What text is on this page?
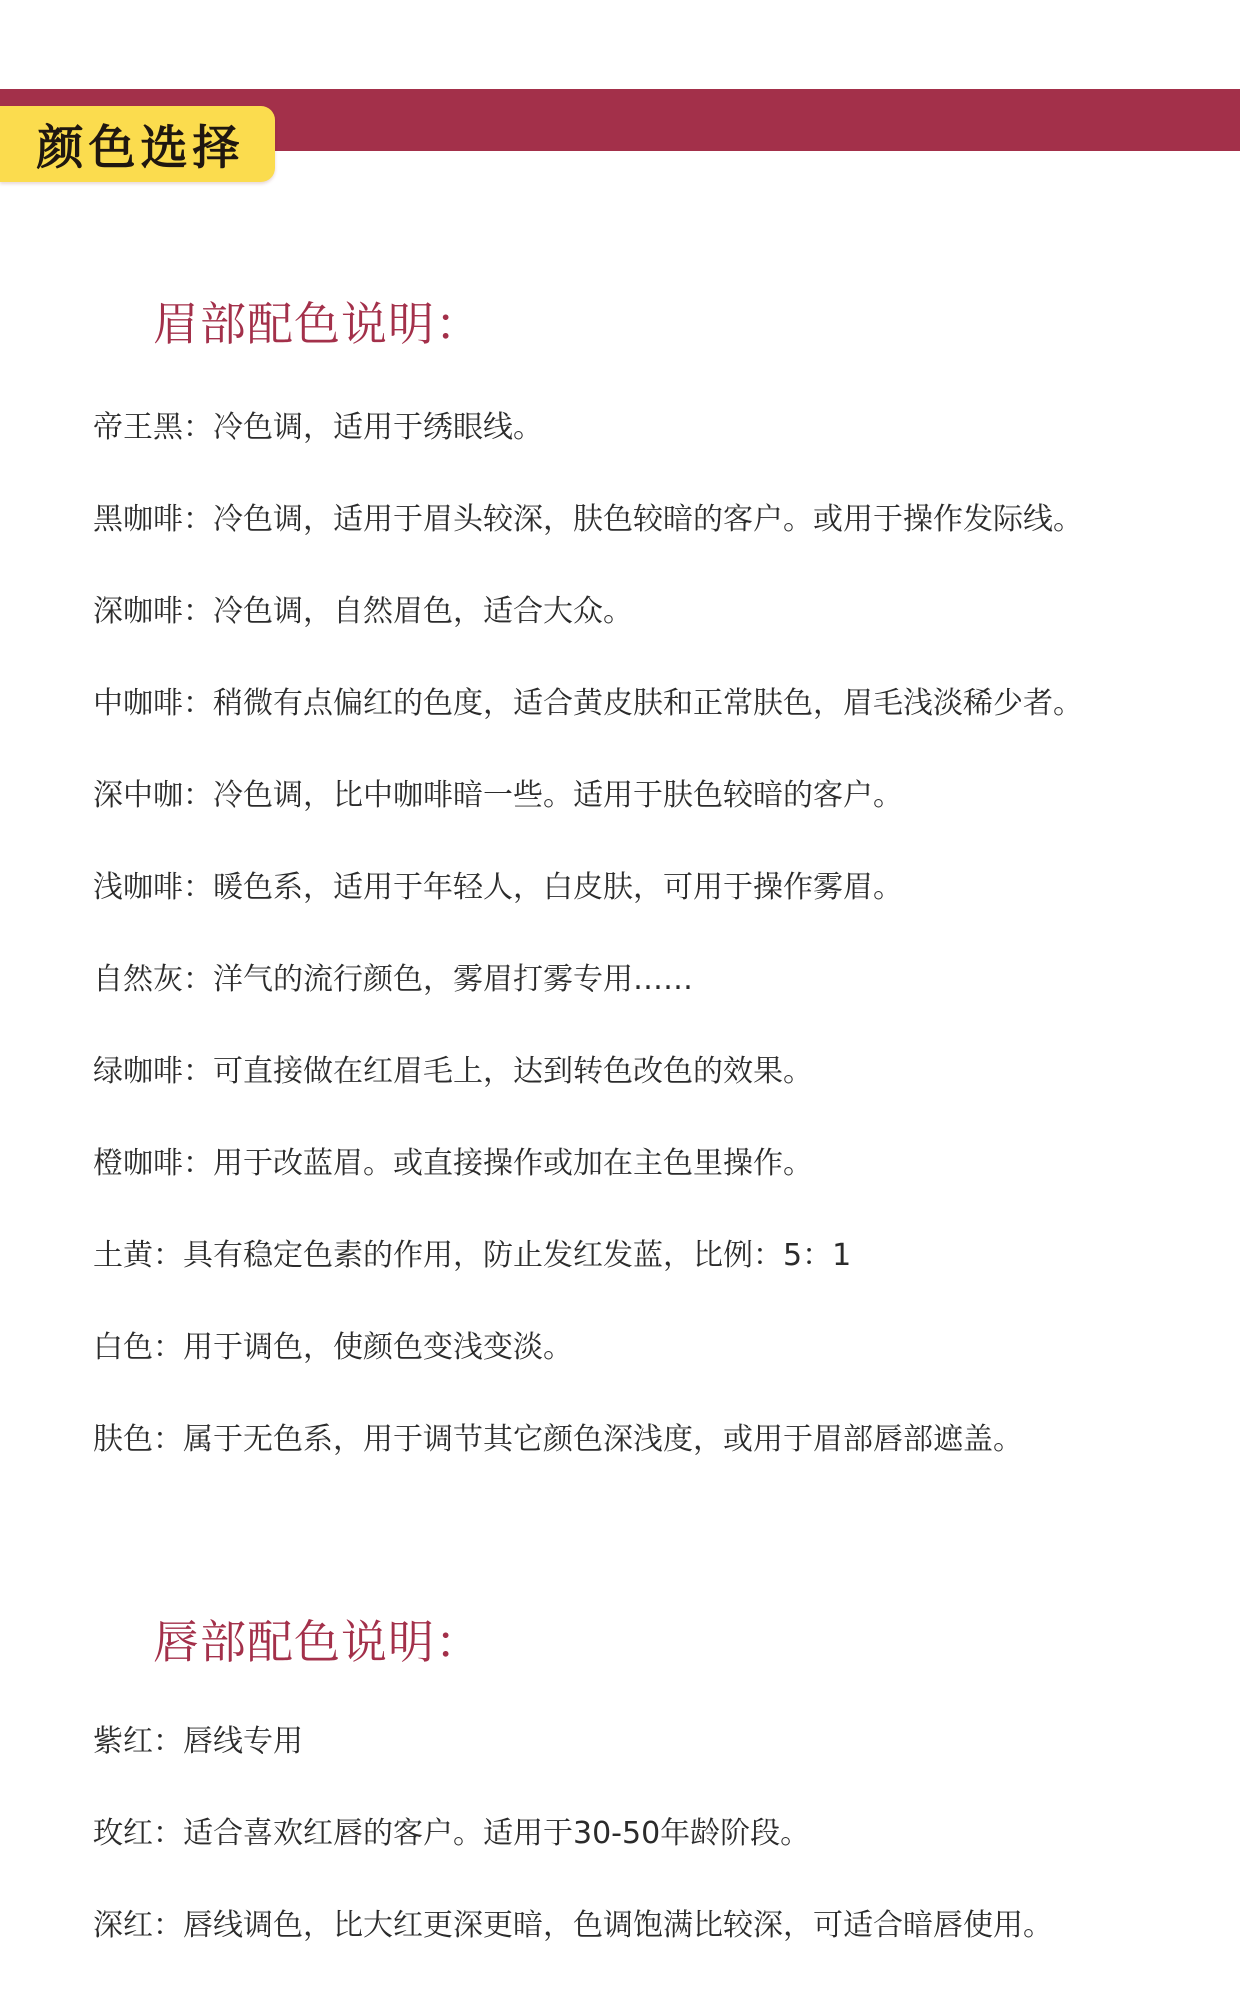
颜色选择
眉部配色说明：
帝王黑：冷色调，适用于绣眼线。
黑咖啡：冷色调，适用于眉头较深，肤色较暗的客户。或用于操作发际线。
深咖啡：冷色调，自然眉色，适合大众。
中咖啡：稍微有点偏红的色度，适合黄皮肤和正常肤色，眉毛浅淡稀少者。
深中咖：冷色调，比中咖啡暗一些。适用于肤色较暗的客户。
浅咖啡：暖色系，适用于年轻人，白皮肤，可用于操作雾眉。
自然灰：洋气的流行颜色，雾眉打雾专用……
绿咖啡：可直接做在红眉毛上，达到转色改色的效果。
橙咖啡：用于改蓝眉。或直接操作或加在主色里操作。
土黄：具有稳定色素的作用，防止发红发蓝，比例：5：1
白色：用于调色，使颜色变浅变淡。
肤色：属于无色系，用于调节其它颜色深浅度，或用于眉部唇部遮盖。
唇部配色说明：
紫红：唇线专用
玫红：适合喜欢红唇的客户。适用于30-50年龄阶段。
深红：唇线调色，比大红更深更暗，色调饱满比较深，可适合暗唇使用。
